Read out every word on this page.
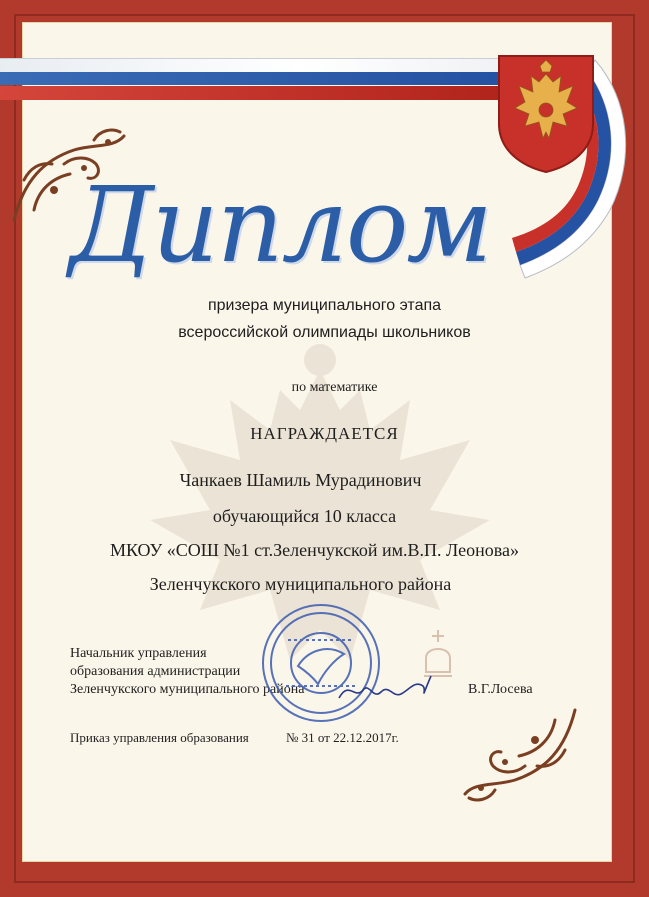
Диплом
призера муниципального этапа
всероссийской олимпиады школьников
по математике
НАГРАЖДАЕТСЯ
Чанкаев Шамиль Мурадинович
обучающийся 10 класса
МКОУ «СОШ №1 ст.Зеленчукской им.В.П. Леонова»
Зеленчукского муниципального района
Начальник управления
образования администрации
Зеленчукского муниципального района	В.Г.Лосева
Приказ управления образования	№ 31 от 22.12.2017г.
